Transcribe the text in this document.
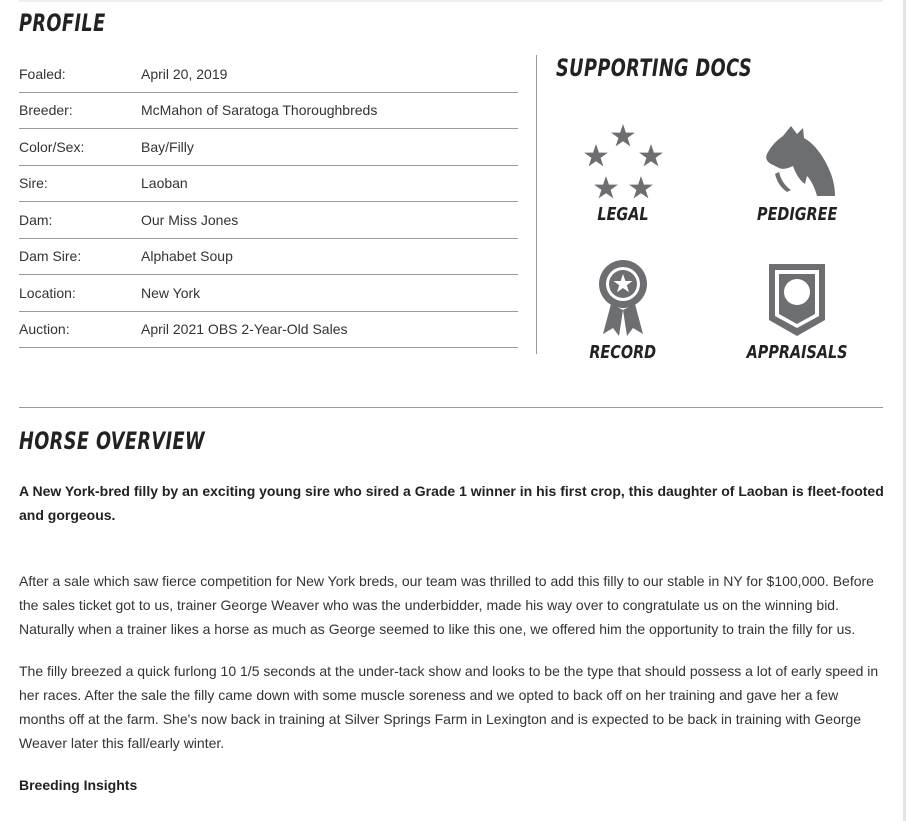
PROFILE
Foaled:	April 20, 2019
Breeder:	McMahon of Saratoga Thoroughbreds
Color/Sex:	Bay/Filly
Sire:	Laoban
Dam:	Our Miss Jones
Dam Sire:	Alphabet Soup
Location:	New York
Auction:	April 2021 OBS 2-Year-Old Sales
SUPPORTING DOCS
LEGAL	PEDIGREE
RECORD	APPRAISALS
HORSE OVERVIEW

A New York-bred filly by an exciting young sire who sired a Grade 1 winner in his first crop, this daughter of Laoban is fleet-footed and gorgeous.

After a sale which saw fierce competition for New York breds, our team was thrilled to add this filly to our stable in NY for $100,000. Before the sales ticket got to us, trainer George Weaver who was the underbidder, made his way over to congratulate us on the winning bid. Naturally when a trainer likes a horse as much as George seemed to like this one, we offered him the opportunity to train the filly for us.

The filly breezed a quick furlong 10 1/5 seconds at the under-tack show and looks to be the type that should possess a lot of early speed in her races. After the sale the filly came down with some muscle soreness and we opted to back off on her training and gave her a few months off at the farm. She's now back in training at Silver Springs Farm in Lexington and is expected to be back in training with George Weaver later this fall/early winter.

Breeding Insights
